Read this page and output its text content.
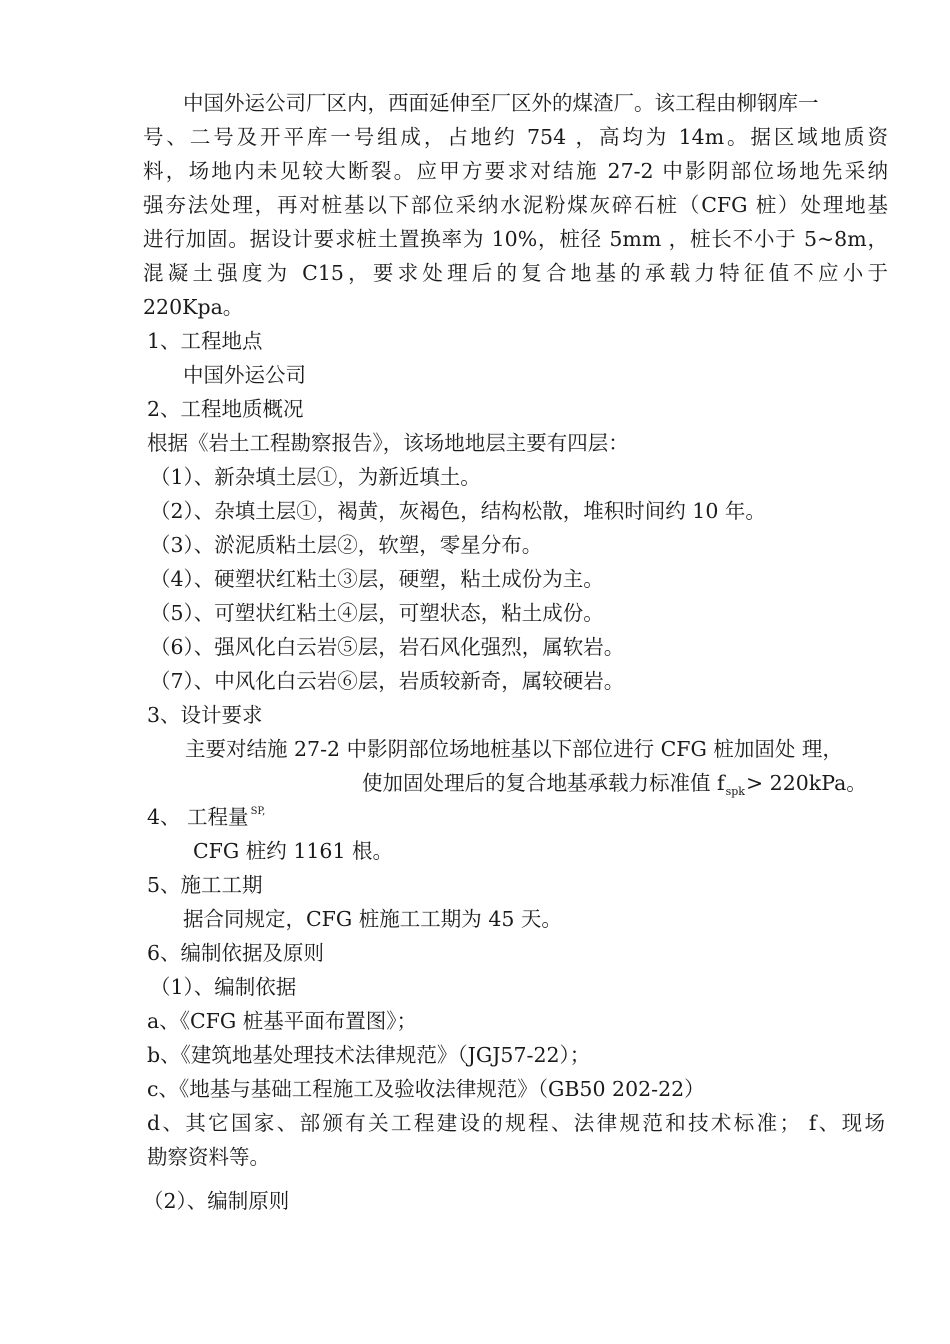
中国外运公司厂区内，西面延伸至厂区外的煤渣厂。该工程由柳钢库一
号、二号及开平库一号组成，占地约 754 ，高均为 14m。据区域地质资
料，场地内未见较大断裂。应甲方要求对结施 27-2 中影阴部位场地先采纳
强夯法处理，再对桩基以下部位采纳水泥粉煤灰碎石桩（CFG 桩）处理地基
进行加固。据设计要求桩土置换率为 10%，桩径 5mm ，桩长不小于 5~8m，
混凝土强度为 C15，要求处理后的复合地基的承载力特征值不应小于
220Kpa。
1、工程地点
中国外运公司
2、工程地质概况
根据《岩土工程勘察报告》，该场地地层主要有四层：
（1）、新杂填土层①，为新近填土。
（2）、杂填土层①，褐黄，灰褐色，结构松散，堆积时间约 10 年。
（3）、淤泥质粘土层②，软塑，零星分布。
（4）、硬塑状红粘土③层，硬塑，粘土成份为主。
（5）、可塑状红粘土④层，可塑状态，粘土成份。
（6）、强风化白云岩⑤层，岩石风化强烈，属软岩。
（7）、中风化白云岩⑥层，岩质较新奇，属较硬岩。
3、设计要求
主要对结施 27-2 中影阴部位场地桩基以下部位进行 CFG 桩加固处 理，
使加固处理后的复合地基承载力标准值 $f_{spk}> 220kPa$。
4、 工程量 $^{SP,}$
CFG 桩约 1161 根。
5、施工工期
据合同规定，CFG 桩施工工期为 45 天。
6、编制依据及原则
（1）、编制依据
a、《CFG 桩基平面布置图》；
b、《建筑地基处理技术法律规范》（JGJ57-22）；
c、《地基与基础工程施工及验收法律规范》（GB50 202-22）
d、其它国家、部颁有关工程建设的规程、法律规范和技术标准； f、现场
勘察资料等。
（2）、编制原则
